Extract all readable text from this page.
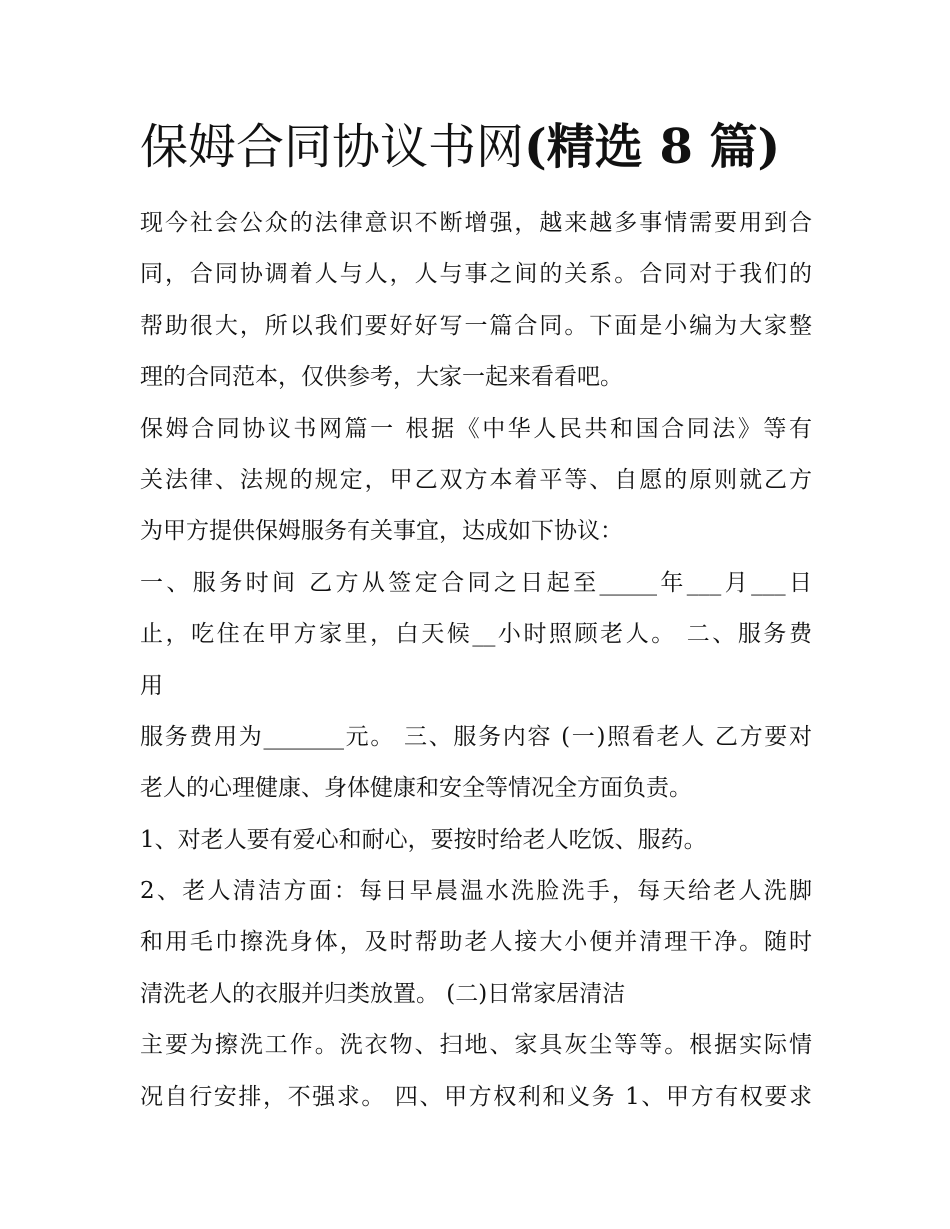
保姆合同协议书网(精选 8 篇)
现今社会公众的法律意识不断增强，越来越多事情需要用到合
同，合同协调着人与人，人与事之间的关系。合同对于我们的
帮助很大，所以我们要好好写一篇合同。下面是小编为大家整
理的合同范本，仅供参考，大家一起来看看吧。
保姆合同协议书网篇一 根据《中华人民共和国合同法》等有
关法律、法规的规定，甲乙双方本着平等、自愿的原则就乙方
为甲方提供保姆服务有关事宜，达成如下协议：
一、服务时间 乙方从签定合同之日起至_____年___月___日
止，吃住在甲方家里，白天候__小时照顾老人。 二、服务费
用
服务费用为_______元。 三、服务内容 (一)照看老人 乙方要对
老人的心理健康、身体健康和安全等情况全方面负责。
1、对老人要有爱心和耐心，要按时给老人吃饭、服药。
2、老人清洁方面：每日早晨温水洗脸洗手，每天给老人洗脚
和用毛巾擦洗身体，及时帮助老人接大小便并清理干净。随时
清洗老人的衣服并归类放置。 (二)日常家居清洁
主要为擦洗工作。洗衣物、扫地、家具灰尘等等。根据实际情
况自行安排，不强求。 四、甲方权利和义务 1、甲方有权要求
